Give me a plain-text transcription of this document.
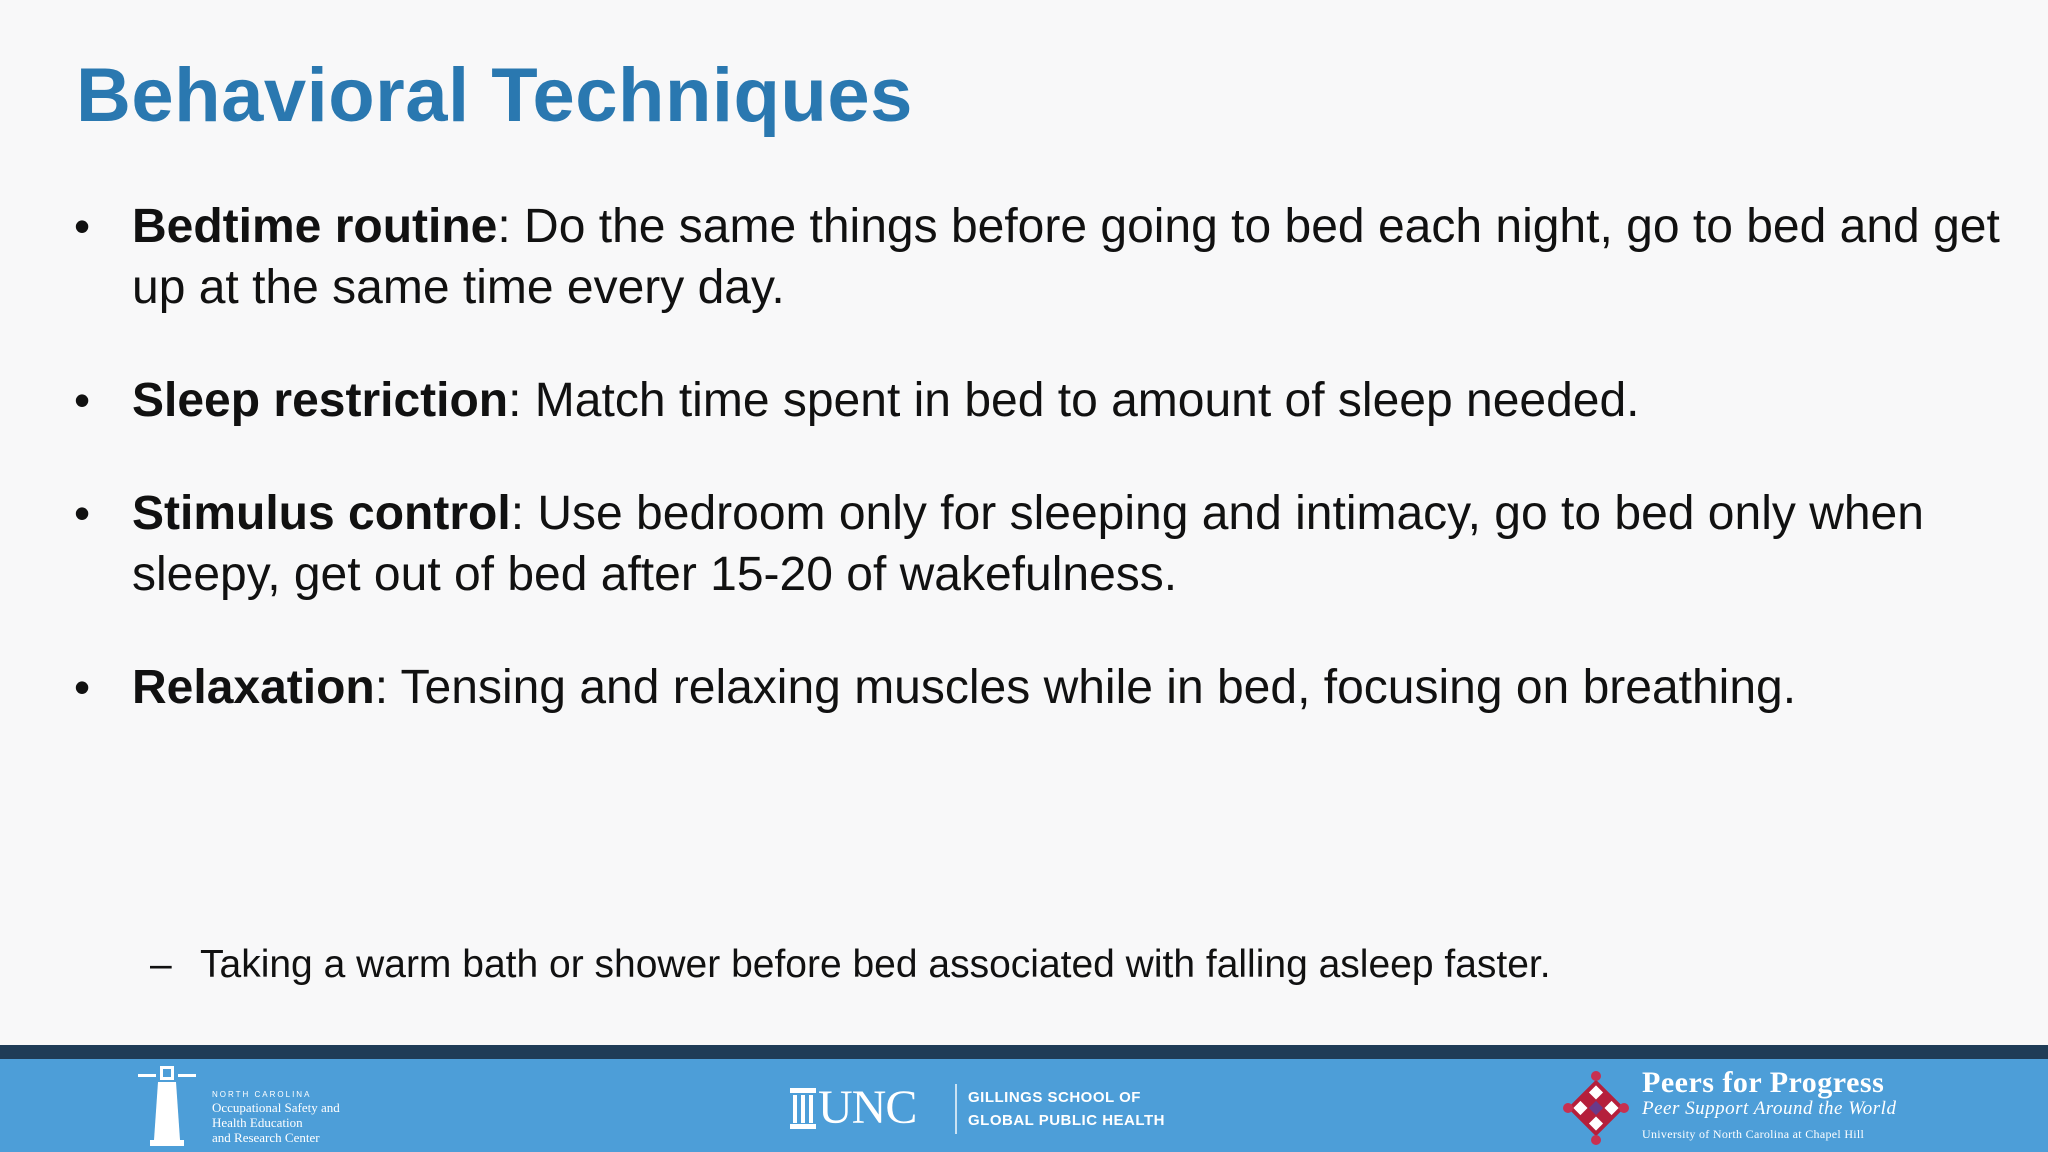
Behavioral Techniques
• Bedtime routine: Do the same things before going to bed each night, go to bed and get up at the same time every day.
• Sleep restriction: Match time spent in bed to amount of sleep needed.
• Stimulus control: Use bedroom only for sleeping and intimacy, go to bed only when sleepy, get out of bed after 15-20 of wakefulness.
• Relaxation: Tensing and relaxing muscles while in bed, focusing on breathing.
– Taking a warm bath or shower before bed associated with falling asleep faster.
NORTH CAROLINA
Occupational Safety and
Health Education
and Research Center
UNC	GILLINGS SCHOOL OF
GLOBAL PUBLIC HEALTH
Peers for Progress
Peer Support Around the World
University of North Carolina at Chapel Hill
